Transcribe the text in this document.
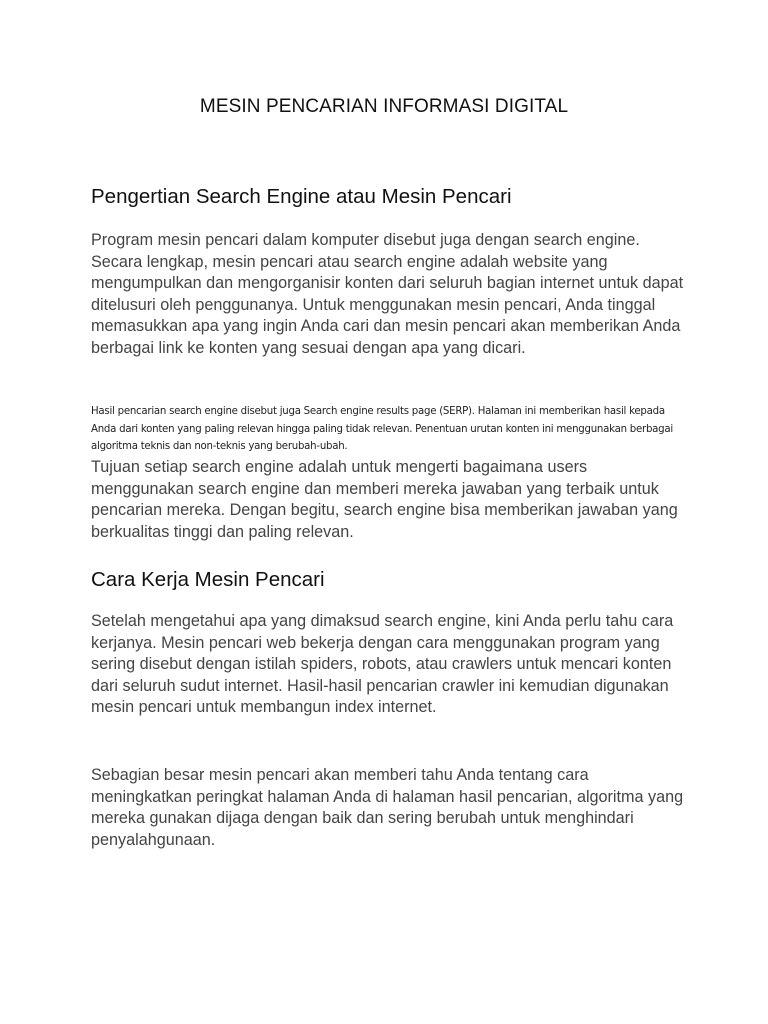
MESIN PENCARIAN INFORMASI DIGITAL
Pengertian Search Engine atau Mesin Pencari

Program mesin pencari dalam komputer disebut juga dengan search engine. Secara lengkap, mesin pencari atau search engine adalah website yang mengumpulkan dan mengorganisir konten dari seluruh bagian internet untuk dapat ditelusuri oleh penggunanya. Untuk menggunakan mesin pencari, Anda tinggal memasukkan apa yang ingin Anda cari dan mesin pencari akan memberikan Anda berbagai link ke konten yang sesuai dengan apa yang dicari.

Hasil pencarian search engine disebut juga Search engine results page (SERP). Halaman ini memberikan hasil kepada Anda dari konten yang paling relevan hingga paling tidak relevan. Penentuan urutan konten ini menggunakan berbagai algoritma teknis dan non-teknis yang berubah-ubah.

Tujuan setiap search engine adalah untuk mengerti bagaimana users menggunakan search engine dan memberi mereka jawaban yang terbaik untuk pencarian mereka. Dengan begitu, search engine bisa memberikan jawaban yang berkualitas tinggi dan paling relevan.

Cara Kerja Mesin Pencari

Setelah mengetahui apa yang dimaksud search engine, kini Anda perlu tahu cara kerjanya. Mesin pencari web bekerja dengan cara menggunakan program yang sering disebut dengan istilah spiders, robots, atau crawlers untuk mencari konten dari seluruh sudut internet. Hasil-hasil pencarian crawler ini kemudian digunakan mesin pencari untuk membangun index internet.

Sebagian besar mesin pencari akan memberi tahu Anda tentang cara meningkatkan peringkat halaman Anda di halaman hasil pencarian, algoritma yang mereka gunakan dijaga dengan baik dan sering berubah untuk menghindari penyalahgunaan.
